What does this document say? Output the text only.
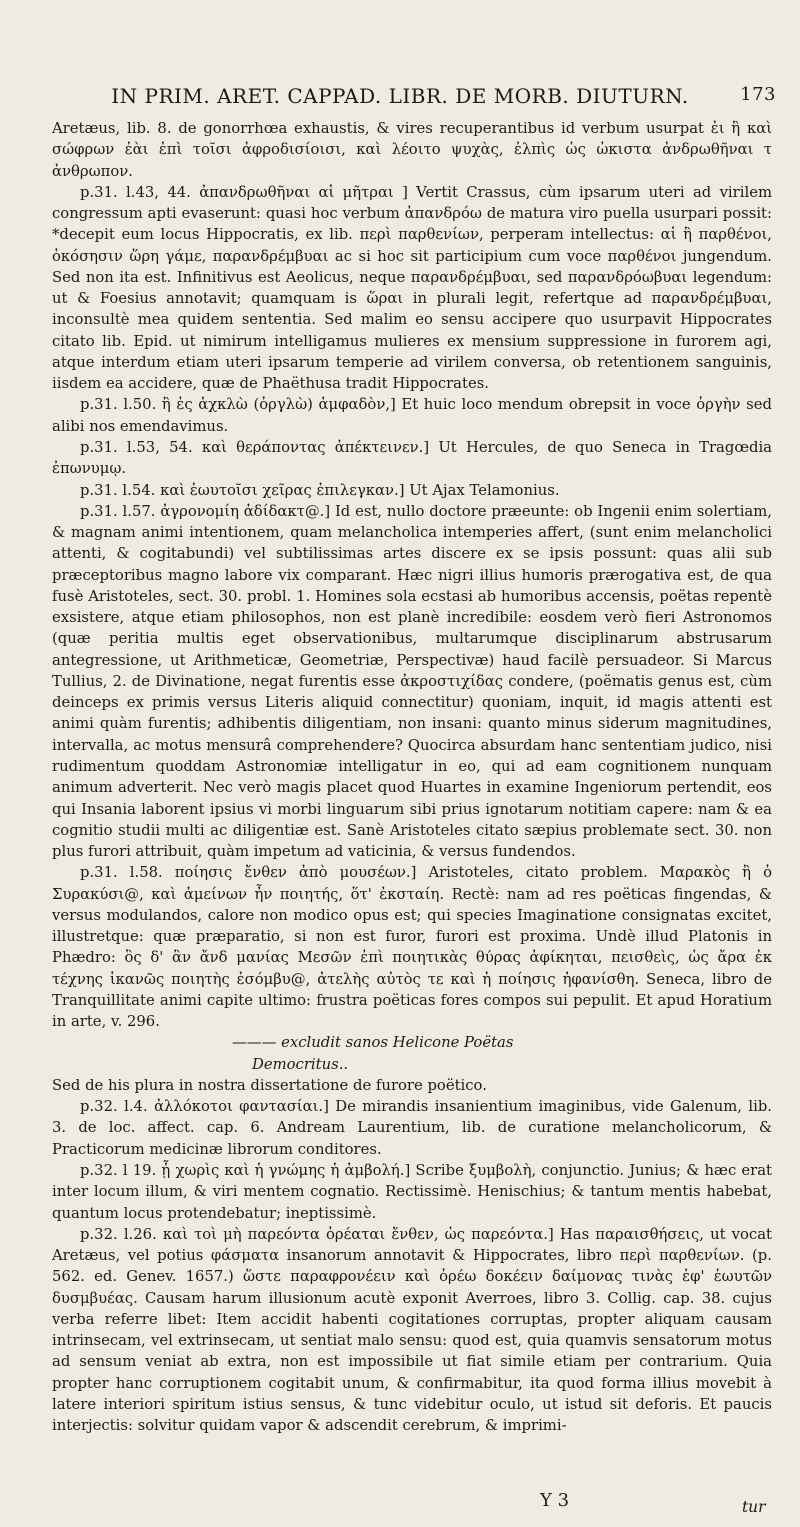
IN PRIM. ARET. CAPPAD. LIBR. DE MORB. DIUTURN.	173

Aretæus, lib. 8. de gonorrhœa exhaustis, & vires recuperantibus id verbum usurpat ἐι ἢ καὶ σώφρων ἐὰι ἐπὶ τοῖσι ἀφροδισίοισι, καὶ λέοιτο ψυχὰς, ἐλπὶς ὡς ὠκιστα ἀνδρωθῆναι τ ἀνθρωπον.

p.31. l.43, 44. ἀπανδρωθῆναι αἱ μῆτραι ] Vertit Crassus, cùm ipsarum uteri ad virilem congressum apti evaserunt: quasi hoc verbum ἀπανδρόω de matura viro puella usurpari possit: *decepit eum locus Hippocratis, ex lib. περὶ παρθενίων, perperam intellectus: αἱ ἢ παρθένοι, ὁκόσησιν ὥρη γάμε, παρανδρέμβυαι ac si hoc sit participium cum voce παρθένοι jungendum. Sed non ita est. Infinitivus est Aeolicus, neque παρανδρέμβυαι, sed παρανδρόωβυαι legendum: ut & Foesius annotavit; quamquam is ὥραι in plurali legit, refertque ad παρανδρέμβυαι, inconsultè mea quidem sententia. Sed malim eo sensu accipere quo usurpavit Hippocrates citato lib. Epid. ut nimirum intelligamus mulieres ex mensium suppressione in furorem agi, atque interdum etiam uteri ipsarum temperie ad virilem conversa, ob retentionem sanguinis, iisdem ea accidere, quæ de Phaëthusa tradit Hippocrates.

p.31. l.50. ἢ ἐς ἀχκλὼ (ὀργλὼ) ἀμφαδὸν,] Et huic loco mendum obrepsit in voce ὀργὴν sed alibi nos emendavimus.

p.31. l.53, 54. καὶ θεράποντας ἀπέκτεινεν.] Ut Hercules, de quo Seneca in Tragœdia ἐπωνυμῳ.

p.31. l.54. καὶ ἑωυτοῖσι χεῖρας ἐπιλεγκαν.] Ut Ajax Telamonius.

p.31. l.57. ἀγρονομίη ἀδίδακτ@.] Id est, nullo doctore præeunte: ob Ingenii enim solertiam, & magnam animi intentionem, quam melancholica intemperies affert, (sunt enim melancholici attenti, & cogitabundi) vel subtilissimas artes discere ex se ipsis possunt: quas alii sub præceptoribus magno labore vix comparant. Hæc nigri illius humoris prærogativa est, de qua fusè Aristoteles, sect. 30. probl. 1. Homines sola ecstasi ab humoribus accensis, poëtas repentè exsistere, atque etiam philosophos, non est planè incredibile: eosdem verò fieri Astronomos (quæ peritia multis eget observationibus, multarumque disciplinarum abstrusarum antegressione, ut Arithmeticæ, Geometriæ, Perspectivæ) haud facilè persuadeor. Si Marcus Tullius, 2. de Divinatione, negat furentis esse ἀκροστιχίδας condere, (poëmatis genus est, cùm deinceps ex primis versus Literis aliquid connectitur) quoniam, inquit, id magis attenti est animi quàm furentis; adhibentis diligentiam, non insani: quanto minus siderum magnitudines, intervalla, ac motus mensurâ comprehendere? Quocirca absurdam hanc sententiam judico, nisi rudimentum quoddam Astronomiæ intelligatur in eo, qui ad eam cognitionem nunquam animum adverterit. Nec verò magis placet quod Huartes in examine Ingeniorum pertendit, eos qui Insania laborent ipsius vi morbi linguarum sibi prius ignotarum notitiam capere: nam & ea cognitio studii multi ac diligentiæ est. Sanè Aristoteles citato sæpius problemate sect. 30. non plus furori attribuit, quàm impetum ad vaticinia, & versus fundendos.

p.31. l.58. ποίησις ἔνθεν ἀπὸ μουσέων.] Aristoteles, citato problem. Μαρακὸς ἢ ὁ Συρακύσι@, καὶ ἀμείνων ἦν ποιητής, ὅτ' ἐκσταίη. Rectè: nam ad res poëticas fingendas, & versus modulandos, calore non modico opus est; qui species Imaginatione consignatas excitet, illustretque: quæ præparatio, si non est furor, furori est proxima. Undè illud Platonis in Phædro: ὃς δ' ἂν ἄνδ μανίας Μεσῶν ἐπὶ ποιητικὰς θύρας ἀφίκηται, πεισθεὶς, ὡς ἄρα ἐκ τέχνης ἱκανῶς ποιητὴς ἐσόμβυ@, ἀτελὴς αὐτὸς τε καὶ ἡ ποίησις ἠφανίσθη. Seneca, libro de Tranquillitate animi capite ultimo: frustra poëticas fores compos sui pepulit. Et apud Horatium in arte, v. 296.

——— excludit sanos Helicone Poëtas

Democritus..

Sed de his plura in nostra dissertatione de furore poëtico.

p.32. l.4. ἀλλόκοτοι φαντασίαι.] De mirandis insanientium imaginibus, vide Galenum, lib. 3. de loc. affect. cap. 6. Andream Laurentium, lib. de curatione melancholicorum, & Practicorum medicinæ librorum conditores.

p.32. l 19. ᾗ χωρὶς καὶ ἡ γνώμης ἡ ἀμβολή.] Scribe ξυμβολὴ, conjunctio. Junius; & hæc erat inter locum illum, & viri mentem cognatio. Rectissimè. Henischius; & tantum mentis habebat, quantum locus protendebatur; ineptissimè.

p.32. l.26. καὶ τοὶ μὴ παρεόντα ὁρέαται ἔνθεν, ὡς παρεόντα.] Has παραισθήσεις, ut vocat Aretæus, vel potius φάσματα insanorum annotavit & Hippocrates, libro περὶ παρθενίων. (p. 562. ed. Genev. 1657.) ὥστε παραφρονέειν καὶ ὀρέω δοκέειν δαίμονας τινὰς ἐφ' ἑωυτῶν δυσμβυέας. Causam harum illusionum acutè exponit Averroes, libro 3. Collig. cap. 38. cujus verba referre libet: Item accidit habenti cogitationes corruptas, propter aliquam causam intrinsecam, vel extrinsecam, ut sentiat malo sensu: quod est, quia quamvis sensatorum motus ad sensum veniat ab extra, non est impossibile ut fiat simile etiam per contrarium. Quia propter hanc corruptionem cogitabit unum, & confirmabitur, ita quod forma illius movebit à latere interiori spiritum istius sensus, & tunc videbitur oculo, ut istud sit deforis. Et paucis interjectis: solvitur quidam vapor & adscendit cerebrum, & imprimi-

tur
Y 3
